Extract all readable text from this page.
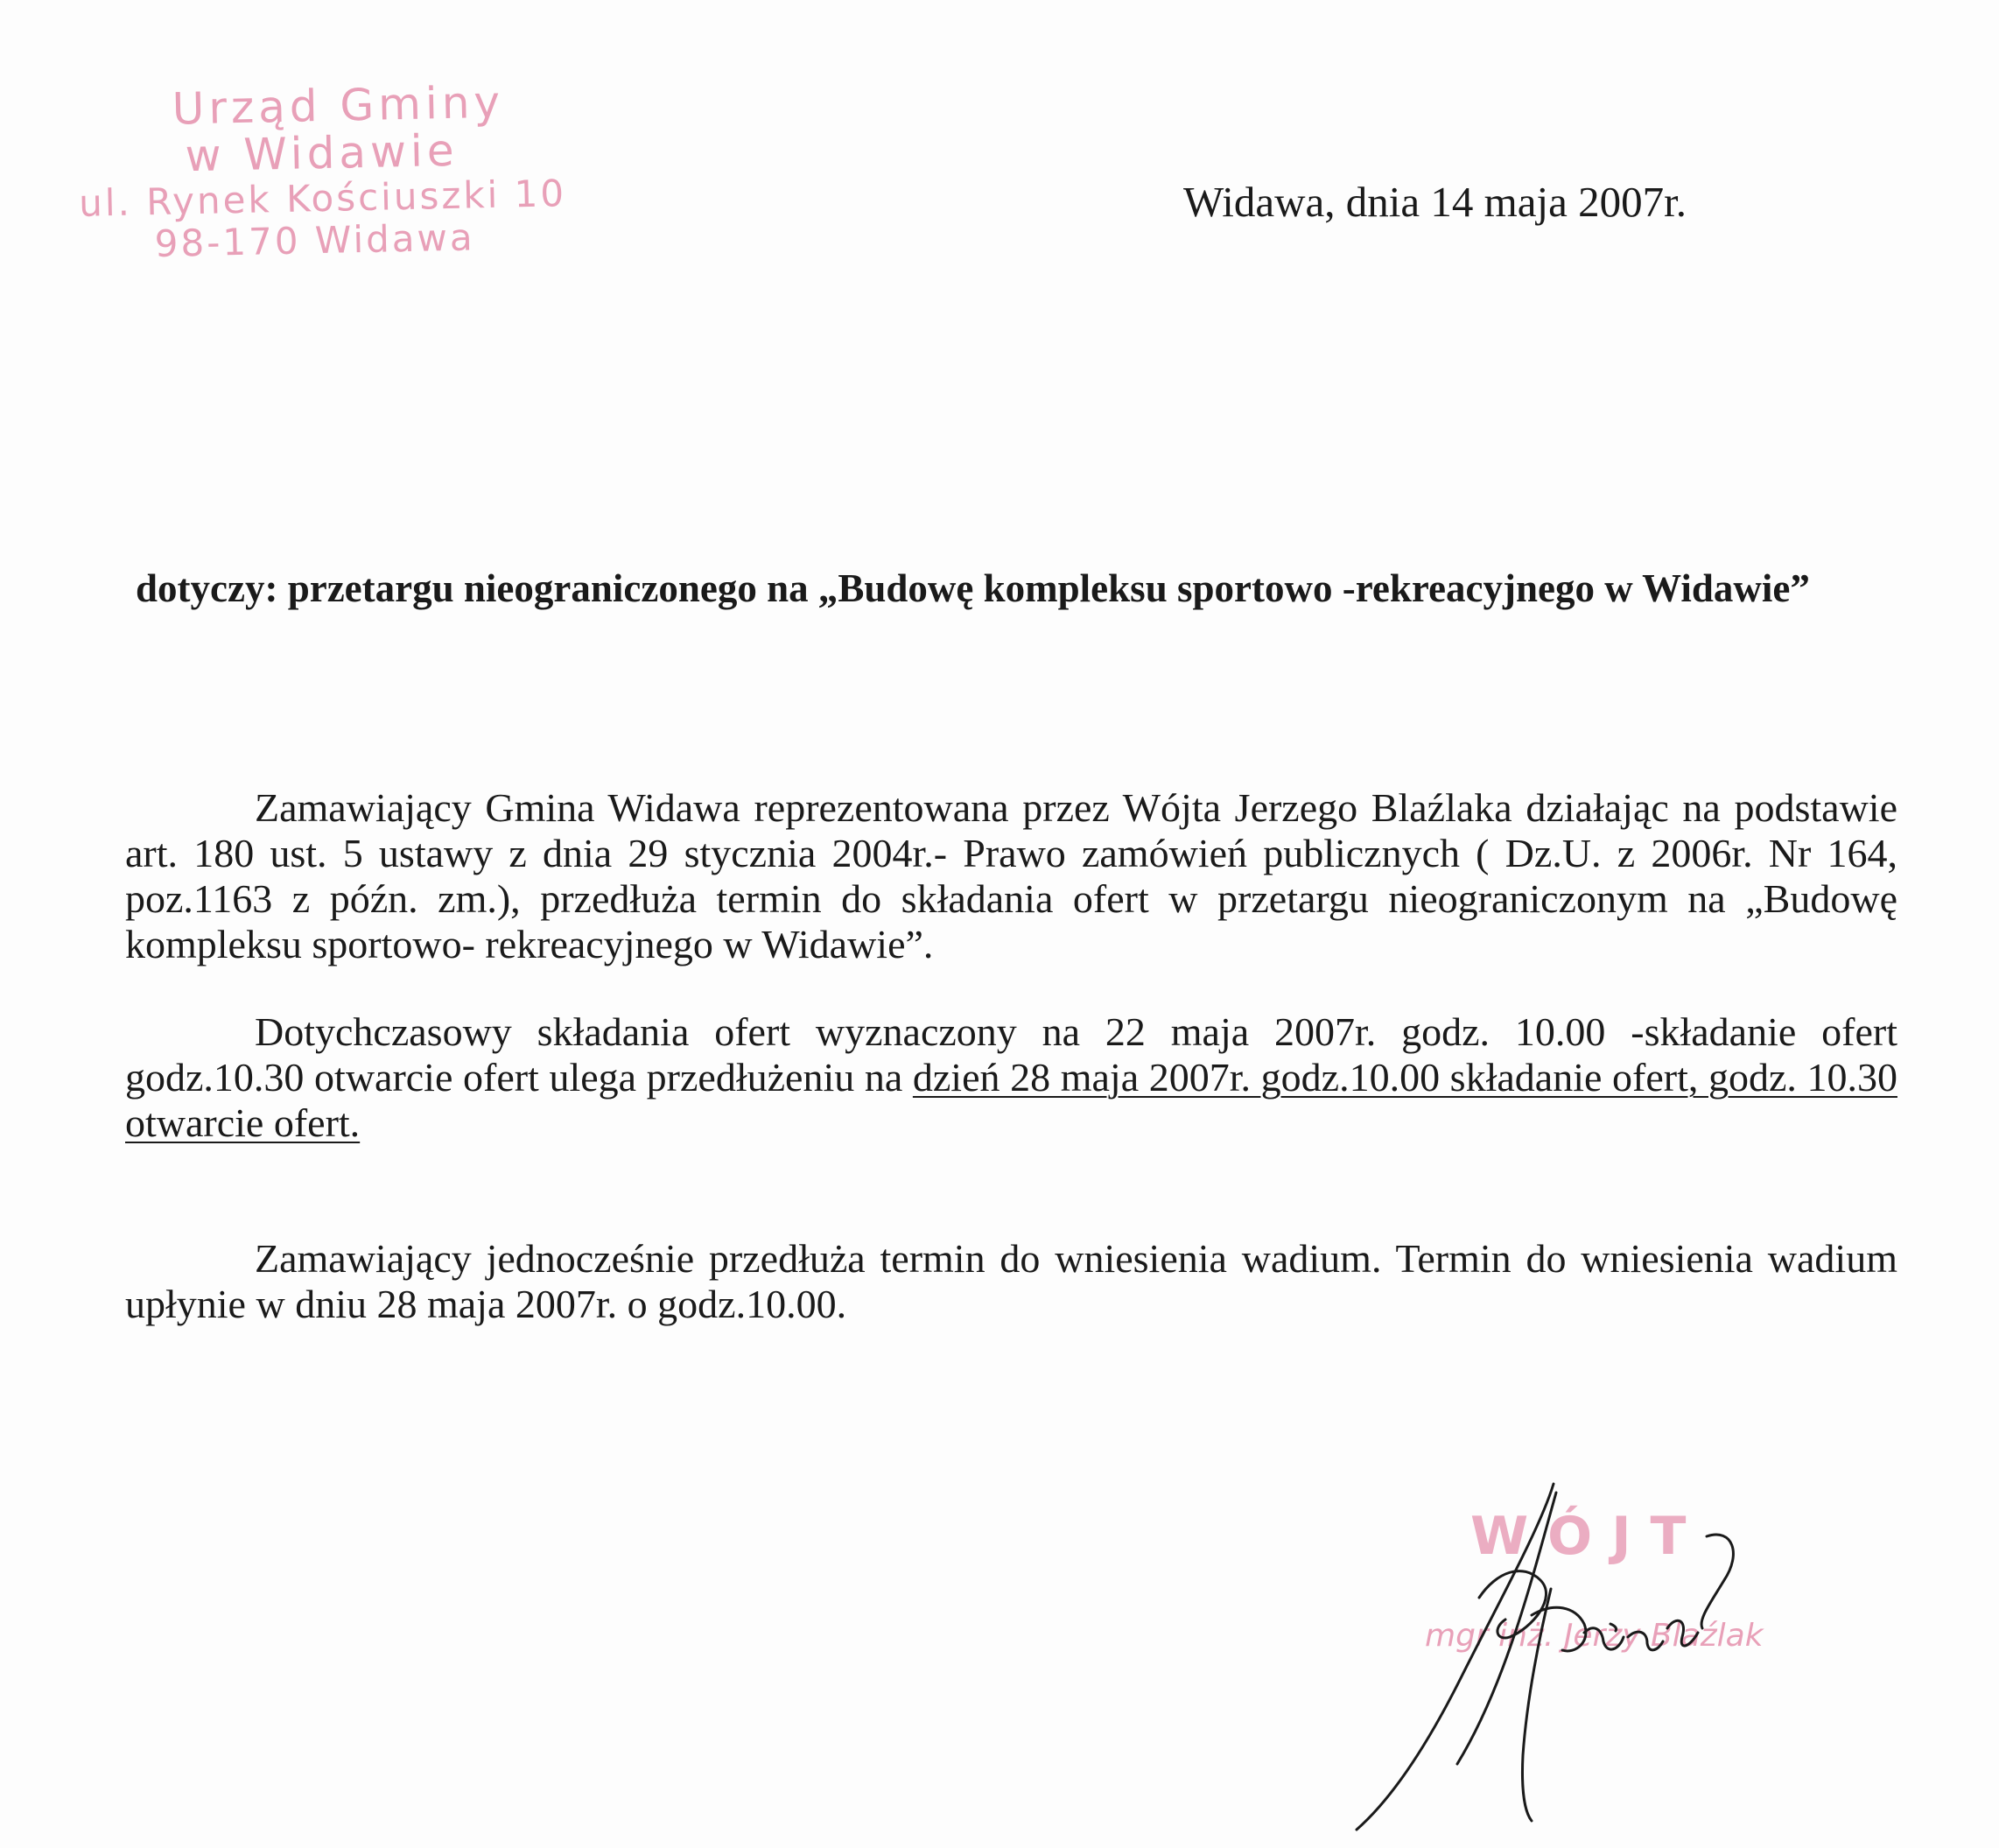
Urząd Gminy
w Widawie
ul. Rynek Kościuszki 10
98-170 Widawa
Widawa, dnia 14 maja 2007r.
dotyczy: przetargu nieograniczonego na „Budowę kompleksu sportowo -rekreacyjnego w Widawie”
Zamawiający Gmina Widawa reprezentowana przez Wójta Jerzego Blaźlaka działając na podstawie art. 180 ust. 5 ustawy z dnia 29 stycznia 2004r.- Prawo zamówień publicznych ( Dz.U. z 2006r. Nr 164, poz.1163 z późn. zm.), przedłuża termin do składania ofert w przetargu nieograniczonym na „Budowę kompleksu sportowo- rekreacyjnego w Widawie”.
Dotychczasowy składania ofert wyznaczony na 22 maja 2007r. godz. 10.00 -składanie ofert godz.10.30 otwarcie ofert ulega przedłużeniu na dzień 28 maja 2007r. godz.10.00 składanie ofert, godz. 10.30 otwarcie ofert.
Zamawiający jednocześnie przedłuża termin do wniesienia wadium. Termin do wniesienia wadium upłynie w dniu 28 maja 2007r. o godz.10.00.
WÓJT
mgr inż. Jerzy Blaźlak
